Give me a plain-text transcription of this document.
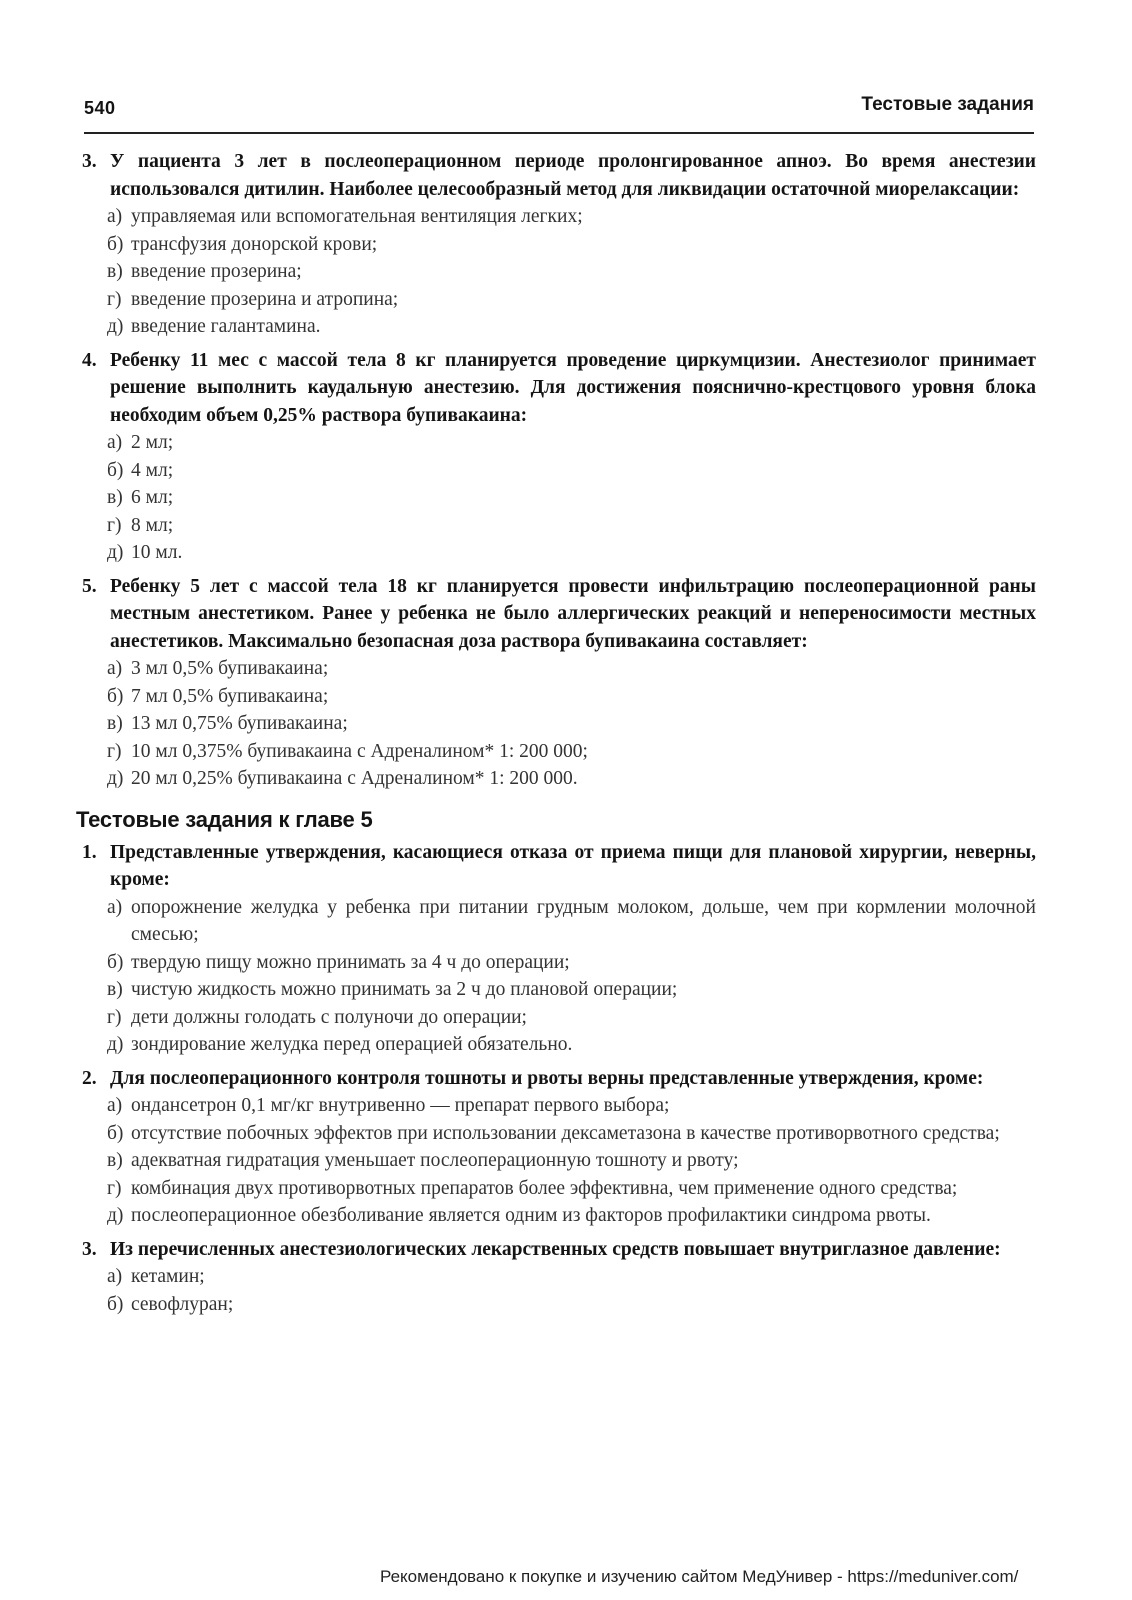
540	Тестовые задания
3. У пациента 3 лет в послеоперационном периоде пролонгированное апноэ. Во время анестезии использовался дитилин. Наиболее целесообразный метод для ликвидации остаточной миорелаксации:
а) управляемая или вспомогательная вентиляция легких;
б) трансфузия донорской крови;
в) введение прозерина;
г) введение прозерина и атропина;
д) введение галантамина.
4. Ребенку 11 мес с массой тела 8 кг планируется проведение циркумцизии. Анестезиолог принимает решение выполнить каудальную анестезию. Для достижения пояснично-крестцового уровня блока необходим объем 0,25% раствора бупивакаина:
а) 2 мл;
б) 4 мл;
в) 6 мл;
г) 8 мл;
д) 10 мл.
5. Ребенку 5 лет с массой тела 18 кг планируется провести инфильтрацию послеоперационной раны местным анестетиком. Ранее у ребенка не было аллергических реакций и непереносимости местных анестетиков. Максимально безопасная доза раствора бупивакаина составляет:
а) 3 мл 0,5% бупивакаина;
б) 7 мл 0,5% бупивакаина;
в) 13 мл 0,75% бупивакаина;
г) 10 мл 0,375% бупивакаина с Адреналином* 1: 200 000;
д) 20 мл 0,25% бупивакаина с Адреналином* 1: 200 000.
Тестовые задания к главе 5
1. Представленные утверждения, касающиеся отказа от приема пищи для плановой хирургии, неверны, кроме:
а) опорожнение желудка у ребенка при питании грудным молоком, дольше, чем при кормлении молочной смесью;
б) твердую пищу можно принимать за 4 ч до операции;
в) чистую жидкость можно принимать за 2 ч до плановой операции;
г) дети должны голодать с полуночи до операции;
д) зондирование желудка перед операцией обязательно.
2. Для послеоперационного контроля тошноты и рвоты верны представленные утверждения, кроме:
а) ондансетрон 0,1 мг/кг внутривенно — препарат первого выбора;
б) отсутствие побочных эффектов при использовании дексаметазона в качестве противорвотного средства;
в) адекватная гидратация уменьшает послеоперационную тошноту и рвоту;
г) комбинация двух противорвотных препаратов более эффективна, чем применение одного средства;
д) послеоперационное обезболивание является одним из факторов профилактики синдрома рвоты.
3. Из перечисленных анестезиологических лекарственных средств повышает внутриглазное давление:
а) кетамин;
б) севофлуран;
Рекомендовано к покупке и изучению сайтом МедУнивер - https://meduniver.com/
